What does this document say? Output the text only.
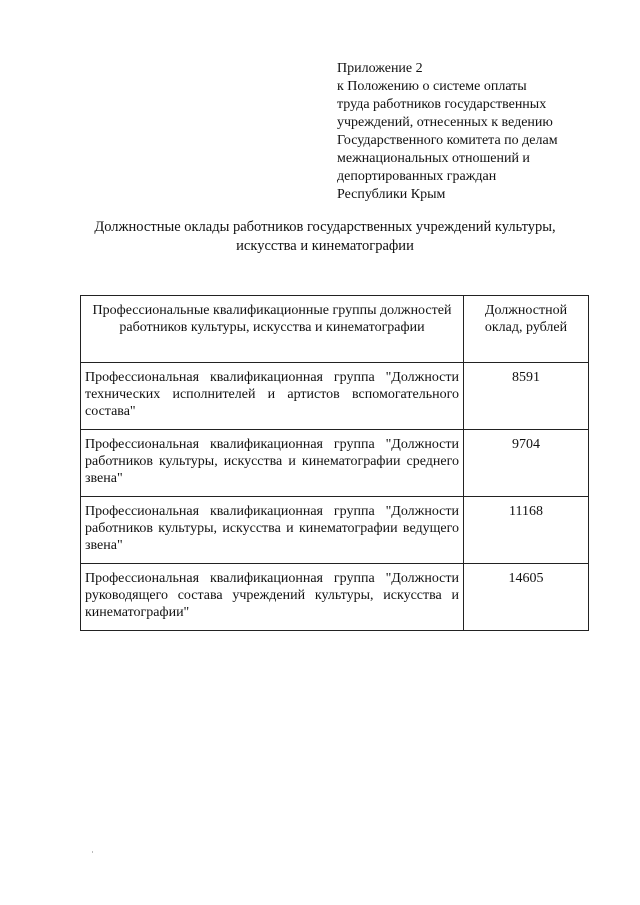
Приложение 2
к Положению о системе оплаты
труда работников государственных
учреждений, отнесенных к ведению
Государственного комитета по делам
межнациональных отношений и
депортированных граждан
Республики Крым
Должностные оклады работников государственных учреждений культуры,
искусства и кинематографии
Профессиональные квалификационные группы должностей работников культуры, искусства и кинематографии	Должностной оклад, рублей
Профессиональная квалификационная группа "Должности технических исполнителей и артистов вспомогательного состава"	8591
Профессиональная квалификационная группа "Должности работников культуры, искусства и кинематографии среднего звена"	9704
Профессиональная квалификационная группа "Должности работников культуры, искусства и кинематографии ведущего звена"	11168
Профессиональная квалификационная группа "Должности руководящего состава учреждений культуры, искусства и кинематографии"	14605
